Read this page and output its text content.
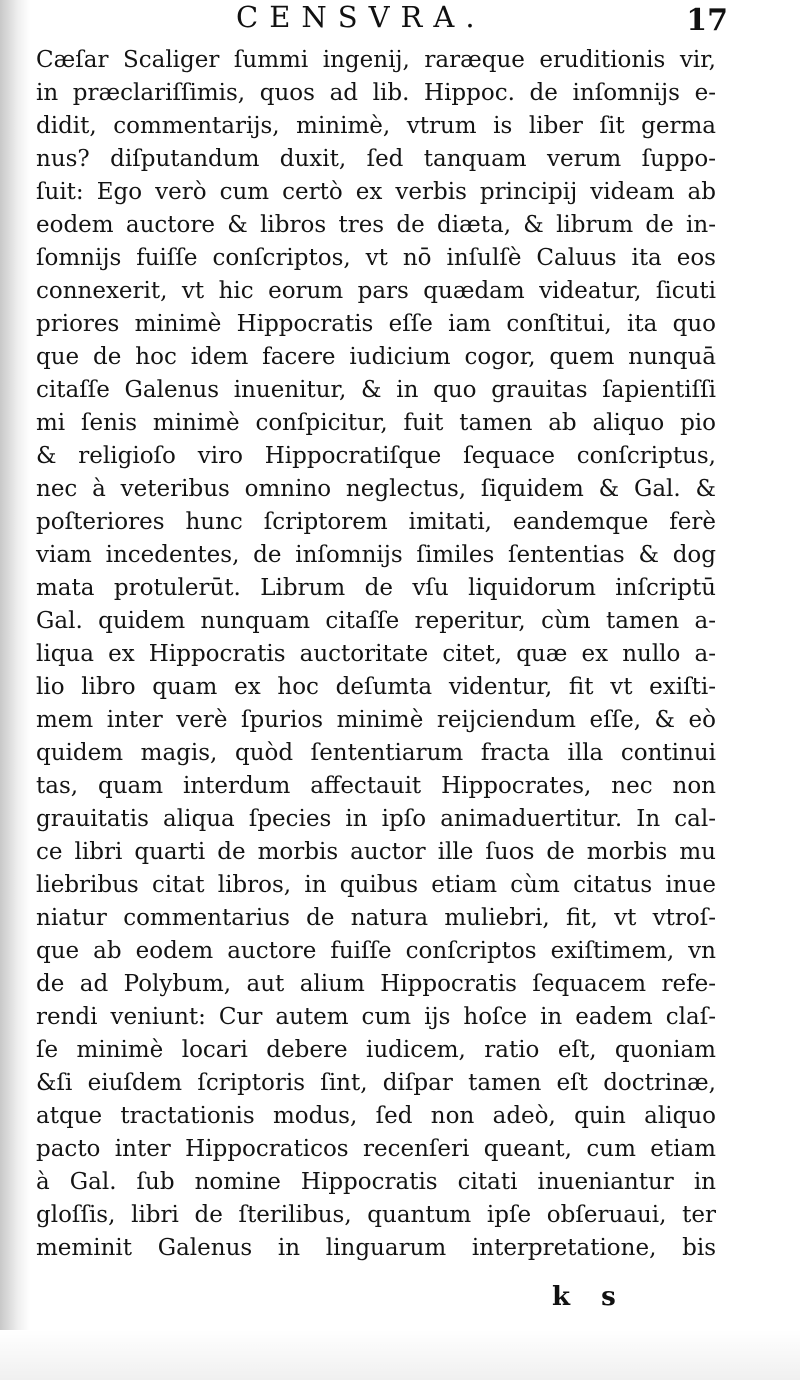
CENSVRA.	17
Cæſar Scaliger ſummi ingenij, raræque eruditionis vir,
in præclariſſimis, quos ad lib. Hippoc. de inſomnijs e-
didit, commentarijs, minimè, vtrum is liber ſit germa
nus? diſputandum duxit, ſed tanquam verum ſuppo-
ſuit: Ego verò cum certò ex verbis principij videam ab
eodem auctore & libros tres de diæta, & librum de in-
ſomnijs fuiſſe conſcriptos, vt nō inſulſè Caluus ita eos
connexerit, vt hic eorum pars quædam videatur, ſicuti
priores minimè Hippocratis eſſe iam conſtitui, ita quo
que de hoc idem facere iudicium cogor, quem nunquā
citaſſe Galenus inuenitur, & in quo grauitas ſapientiſſi
mi ſenis minimè conſpicitur, fuit tamen ab aliquo pio
& religioſo viro Hippocratiſque ſequace conſcriptus,
nec à veteribus omnino neglectus, ſiquidem & Gal. &
poſteriores hunc ſcriptorem imitati, eandemque ferè
viam incedentes, de inſomnijs ſimiles ſententias & dog
mata protulerūt. Librum de vſu liquidorum inſcriptū
Gal. quidem nunquam citaſſe reperitur, cùm tamen a-
liqua ex Hippocratis auctoritate citet, quæ ex nullo a-
lio libro quam ex hoc deſumta videntur, fit vt exiſti-
mem inter verè ſpurios minimè reijciendum eſſe, & eò
quidem magis, quòd ſententiarum fracta illa continui
tas, quam interdum affectauit Hippocrates, nec non
grauitatis aliqua ſpecies in ipſo animaduertitur. In cal-
ce libri quarti de morbis auctor ille ſuos de morbis mu
liebribus citat libros, in quibus etiam cùm citatus inue
niatur commentarius de natura muliebri, fit, vt vtroſ-
que ab eodem auctore fuiſſe conſcriptos exiſtimem, vn
de ad Polybum, aut alium Hippocratis ſequacem refe-
rendi veniunt: Cur autem cum ijs hoſce in eadem claſ-
ſe minimè locari debere iudicem, ratio eſt, quoniam
&ſi eiuſdem ſcriptoris ſint, diſpar tamen eſt doctrinæ,
atque tractationis modus, ſed non adeò, quin aliquo
pacto inter Hippocraticos recenſeri queant, cum etiam
à Gal. ſub nomine Hippocratis citati inueniantur in
gloſſis, libri de ſterilibus, quantum ipſe obſeruaui, ter
meminit Galenus in linguarum interpretatione, bis
k s
